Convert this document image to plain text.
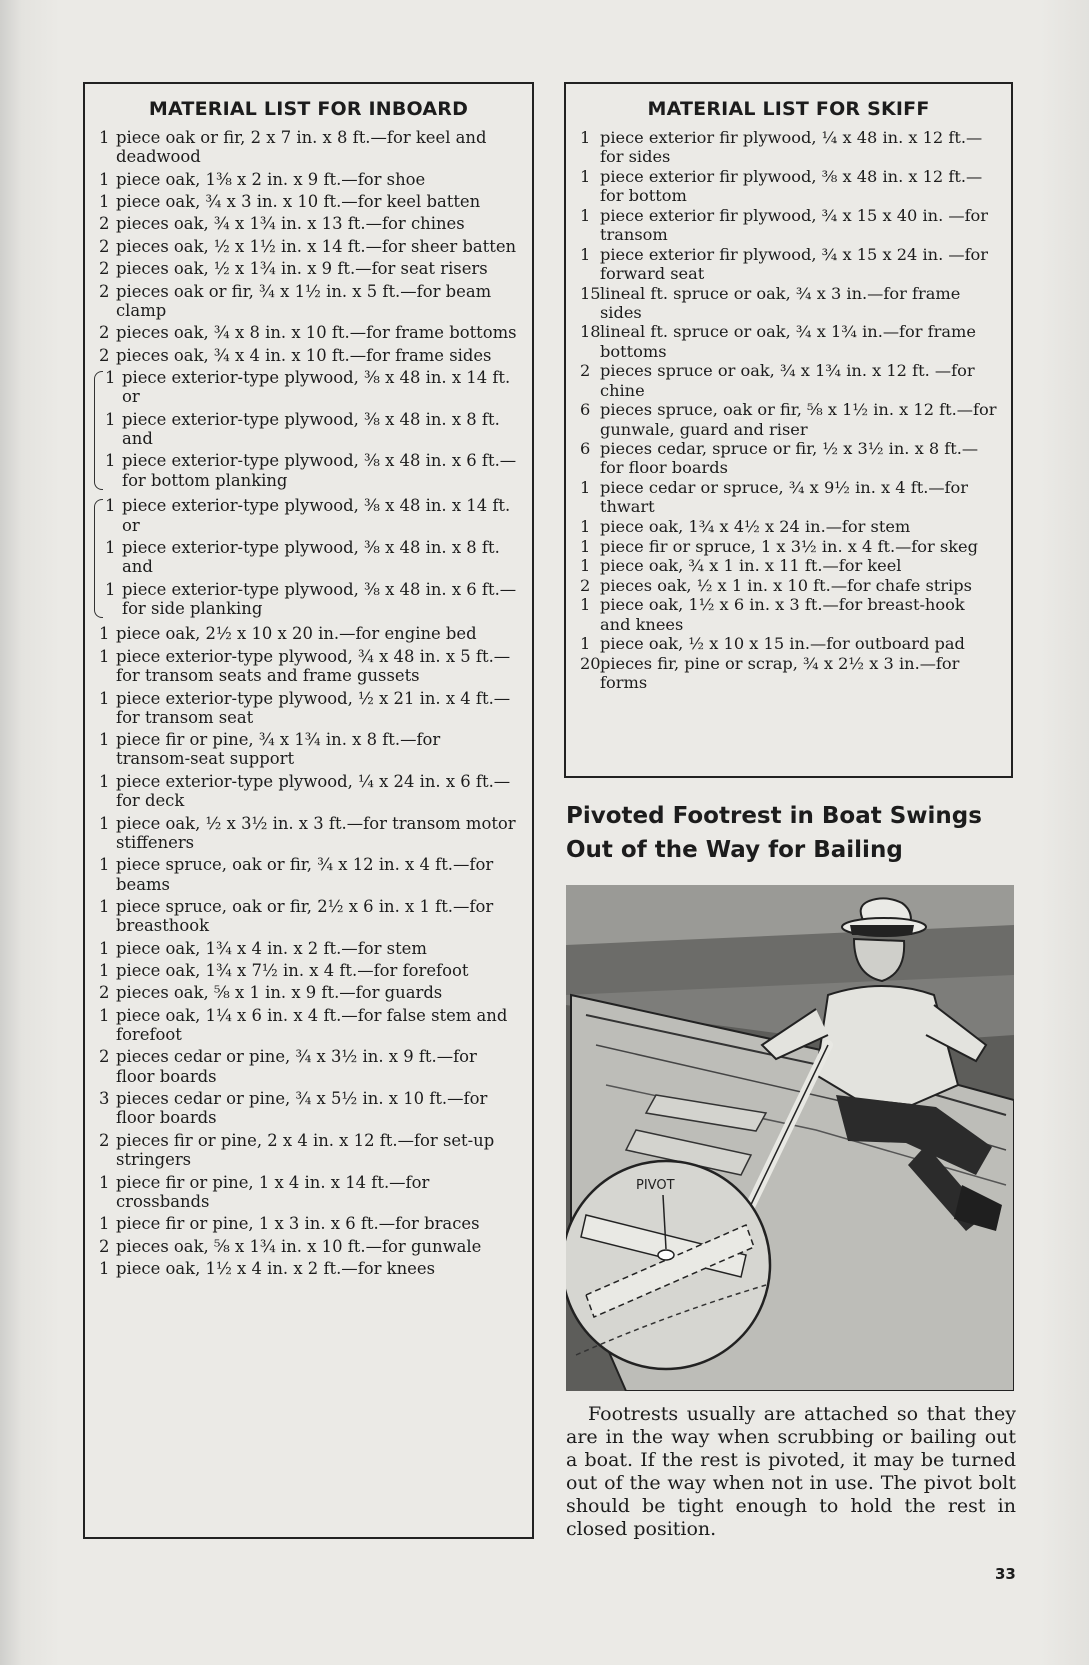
MATERIAL LIST FOR INBOARD
1 piece oak or fir, 2 x 7 in. x 8 ft.—for keel and deadwood
1 piece oak, 1⅜ x 2 in. x 9 ft.—for shoe
1 piece oak, ¾ x 3 in. x 10 ft.—for keel batten
2 pieces oak, ¾ x 1¾ in. x 13 ft.—for chines
2 pieces oak, ½ x 1½ in. x 14 ft.—for sheer batten
2 pieces oak, ½ x 1¾ in. x 9 ft.—for seat risers
2 pieces oak or fir, ¾ x 1½ in. x 5 ft.—for beam clamp
2 pieces oak, ¾ x 8 in. x 10 ft.—for frame bottoms
2 pieces oak, ¾ x 4 in. x 10 ft.—for frame sides
1 piece exterior-type plywood, ⅜ x 48 in. x 14 ft. or
1 piece exterior-type plywood, ⅜ x 48 in. x 8 ft. and
1 piece exterior-type plywood, ⅜ x 48 in. x 6 ft.—for bottom planking
1 piece exterior-type plywood, ⅜ x 48 in. x 14 ft. or
1 piece exterior-type plywood, ⅜ x 48 in. x 8 ft. and
1 piece exterior-type plywood, ⅜ x 48 in. x 6 ft.—for side planking
1 piece oak, 2½ x 10 x 20 in.—for engine bed
1 piece exterior-type plywood, ¾ x 48 in. x 5 ft.—for transom seats and frame gussets
1 piece exterior-type plywood, ½ x 21 in. x 4 ft.—for transom seat
1 piece fir or pine, ¾ x 1¾ in. x 8 ft.—for transom-seat support
1 piece exterior-type plywood, ¼ x 24 in. x 6 ft.—for deck
1 piece oak, ½ x 3½ in. x 3 ft.—for transom motor stiffeners
1 piece spruce, oak or fir, ¾ x 12 in. x 4 ft.—for beams
1 piece spruce, oak or fir, 2½ x 6 in. x 1 ft.—for breasthook
1 piece oak, 1¾ x 4 in. x 2 ft.—for stem
1 piece oak, 1¾ x 7½ in. x 4 ft.—for forefoot
2 pieces oak, ⅝ x 1 in. x 9 ft.—for guards
1 piece oak, 1¼ x 6 in. x 4 ft.—for false stem and forefoot
2 pieces cedar or pine, ¾ x 3½ in. x 9 ft.—for floor boards
3 pieces cedar or pine, ¾ x 5½ in. x 10 ft.—for floor boards
2 pieces fir or pine, 2 x 4 in. x 12 ft.—for set-up stringers
1 piece fir or pine, 1 x 4 in. x 14 ft.—for crossbands
1 piece fir or pine, 1 x 3 in. x 6 ft.—for braces
2 pieces oak, ⅝ x 1¾ in. x 10 ft.—for gunwale
1 piece oak, 1½ x 4 in. x 2 ft.—for knees
MATERIAL LIST FOR SKIFF
1 piece exterior fir plywood, ¼ x 48 in. x 12 ft.—for sides
1 piece exterior fir plywood, ⅜ x 48 in. x 12 ft.—for bottom
1 piece exterior fir plywood, ¾ x 15 x 40 in. —for transom
1 piece exterior fir plywood, ¾ x 15 x 24 in. —for forward seat
15 lineal ft. spruce or oak, ¾ x 3 in.—for frame sides
18 lineal ft. spruce or oak, ¾ x 1¾ in.—for frame bottoms
2 pieces spruce or oak, ¾ x 1¾ in. x 12 ft. —for chine
6 pieces spruce, oak or fir, ⅝ x 1½ in. x 12 ft.—for gunwale, guard and riser
6 pieces cedar, spruce or fir, ½ x 3½ in. x 8 ft.—for floor boards
1 piece cedar or spruce, ¾ x 9½ in. x 4 ft.—for thwart
1 piece oak, 1¾ x 4½ x 24 in.—for stem
1 piece fir or spruce, 1 x 3½ in. x 4 ft.—for skeg
1 piece oak, ¾ x 1 in. x 11 ft.—for keel
2 pieces oak, ½ x 1 in. x 10 ft.—for chafe strips
1 piece oak, 1½ x 6 in. x 3 ft.—for breast-hook and knees
1 piece oak, ½ x 10 x 15 in.—for outboard pad
20 pieces fir, pine or scrap, ¾ x 2½ x 3 in.—for forms
Pivoted Footrest in Boat Swings Out of the Way for Bailing
PIVOT

Footrests usually are attached so that they are in the way when scrubbing or bailing out a boat. If the rest is pivoted, it may be turned out of the way when not in use. The pivot bolt should be tight enough to hold the rest in closed position.

33
